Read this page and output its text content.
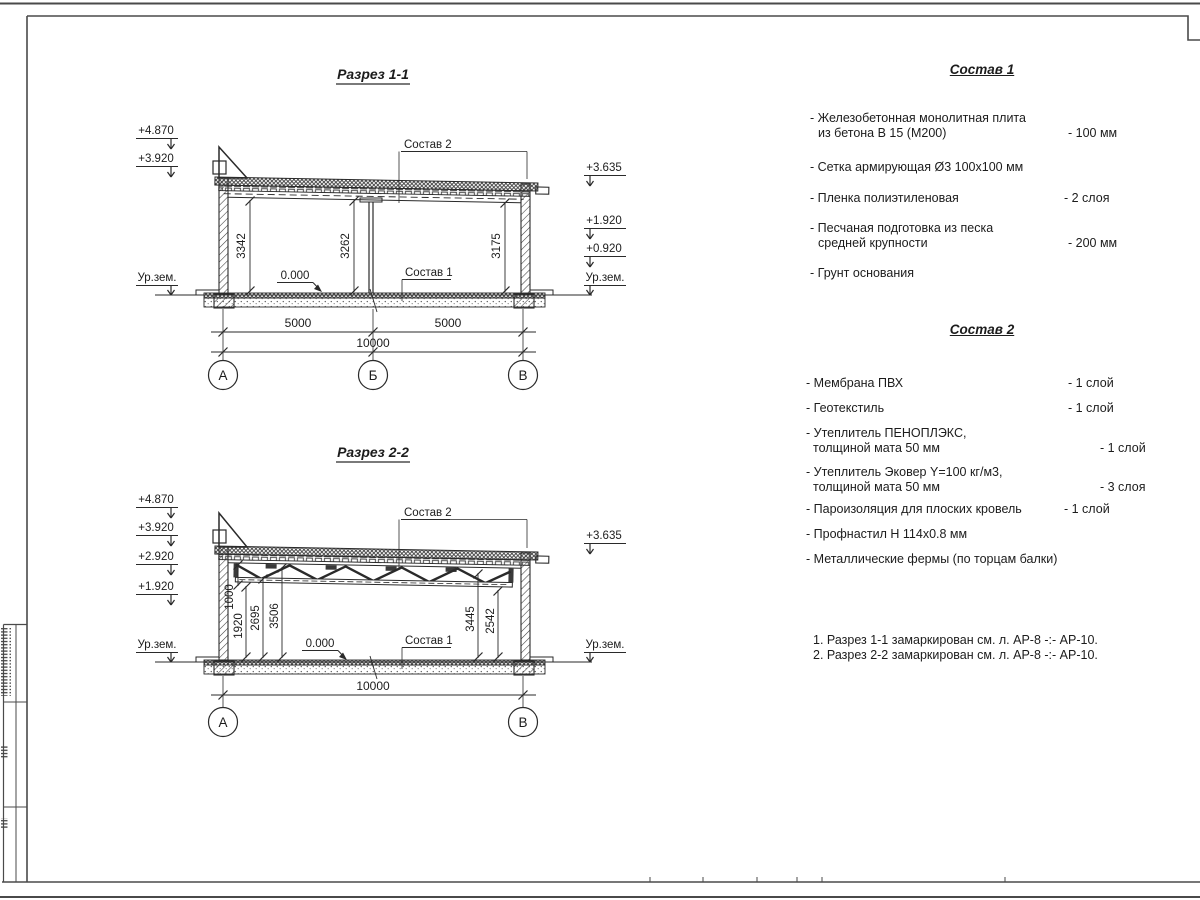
Разрез 1-1
3342	3262	3175
0.000
Состав 2
Состав 1
+4.870
+3.920
Ур.зем.
+3.635
+1.920
+0.920
Ур.зем.
5000	5000
10000
А	Б	В
Разрез 2-2
1000
1920 2695 3506	3445 2542
0.000
Состав 2
Состав 1
+4.870
+3.920
+2.920
+1.920
Ур.зем.
+3.635
Ур.зем.
10000
А	В
Состав 1
- Железобетонная монолитная плита
из бетона В 15 (М200)	- 100 мм
- Сетка армирующая Ø3 100x100 мм
- Пленка полиэтиленовая	- 2 слоя
- Песчаная подготовка из песка
средней крупности	- 200 мм
- Грунт основания
Состав 2
- Мембрана ПВХ	- 1 слой
- Геотекстиль	- 1 слой
- Утеплитель ПЕНОПЛЭКС,
толщиной мата 50 мм	- 1 слой
- Утеплитель Эковер Y=100 кг/м3,
толщиной мата 50 мм	- 3 слоя
- Пароизоляция для плоских кровель	- 1 слой
- Профнастил Н 114x0.8 мм
- Металлические фермы (по торцам балки)
1. Разрез 1-1 замаркирован см. л. АР-8 -:- АР-10.
2. Разрез 2-2 замаркирован см. л. АР-8 -:- АР-10.
